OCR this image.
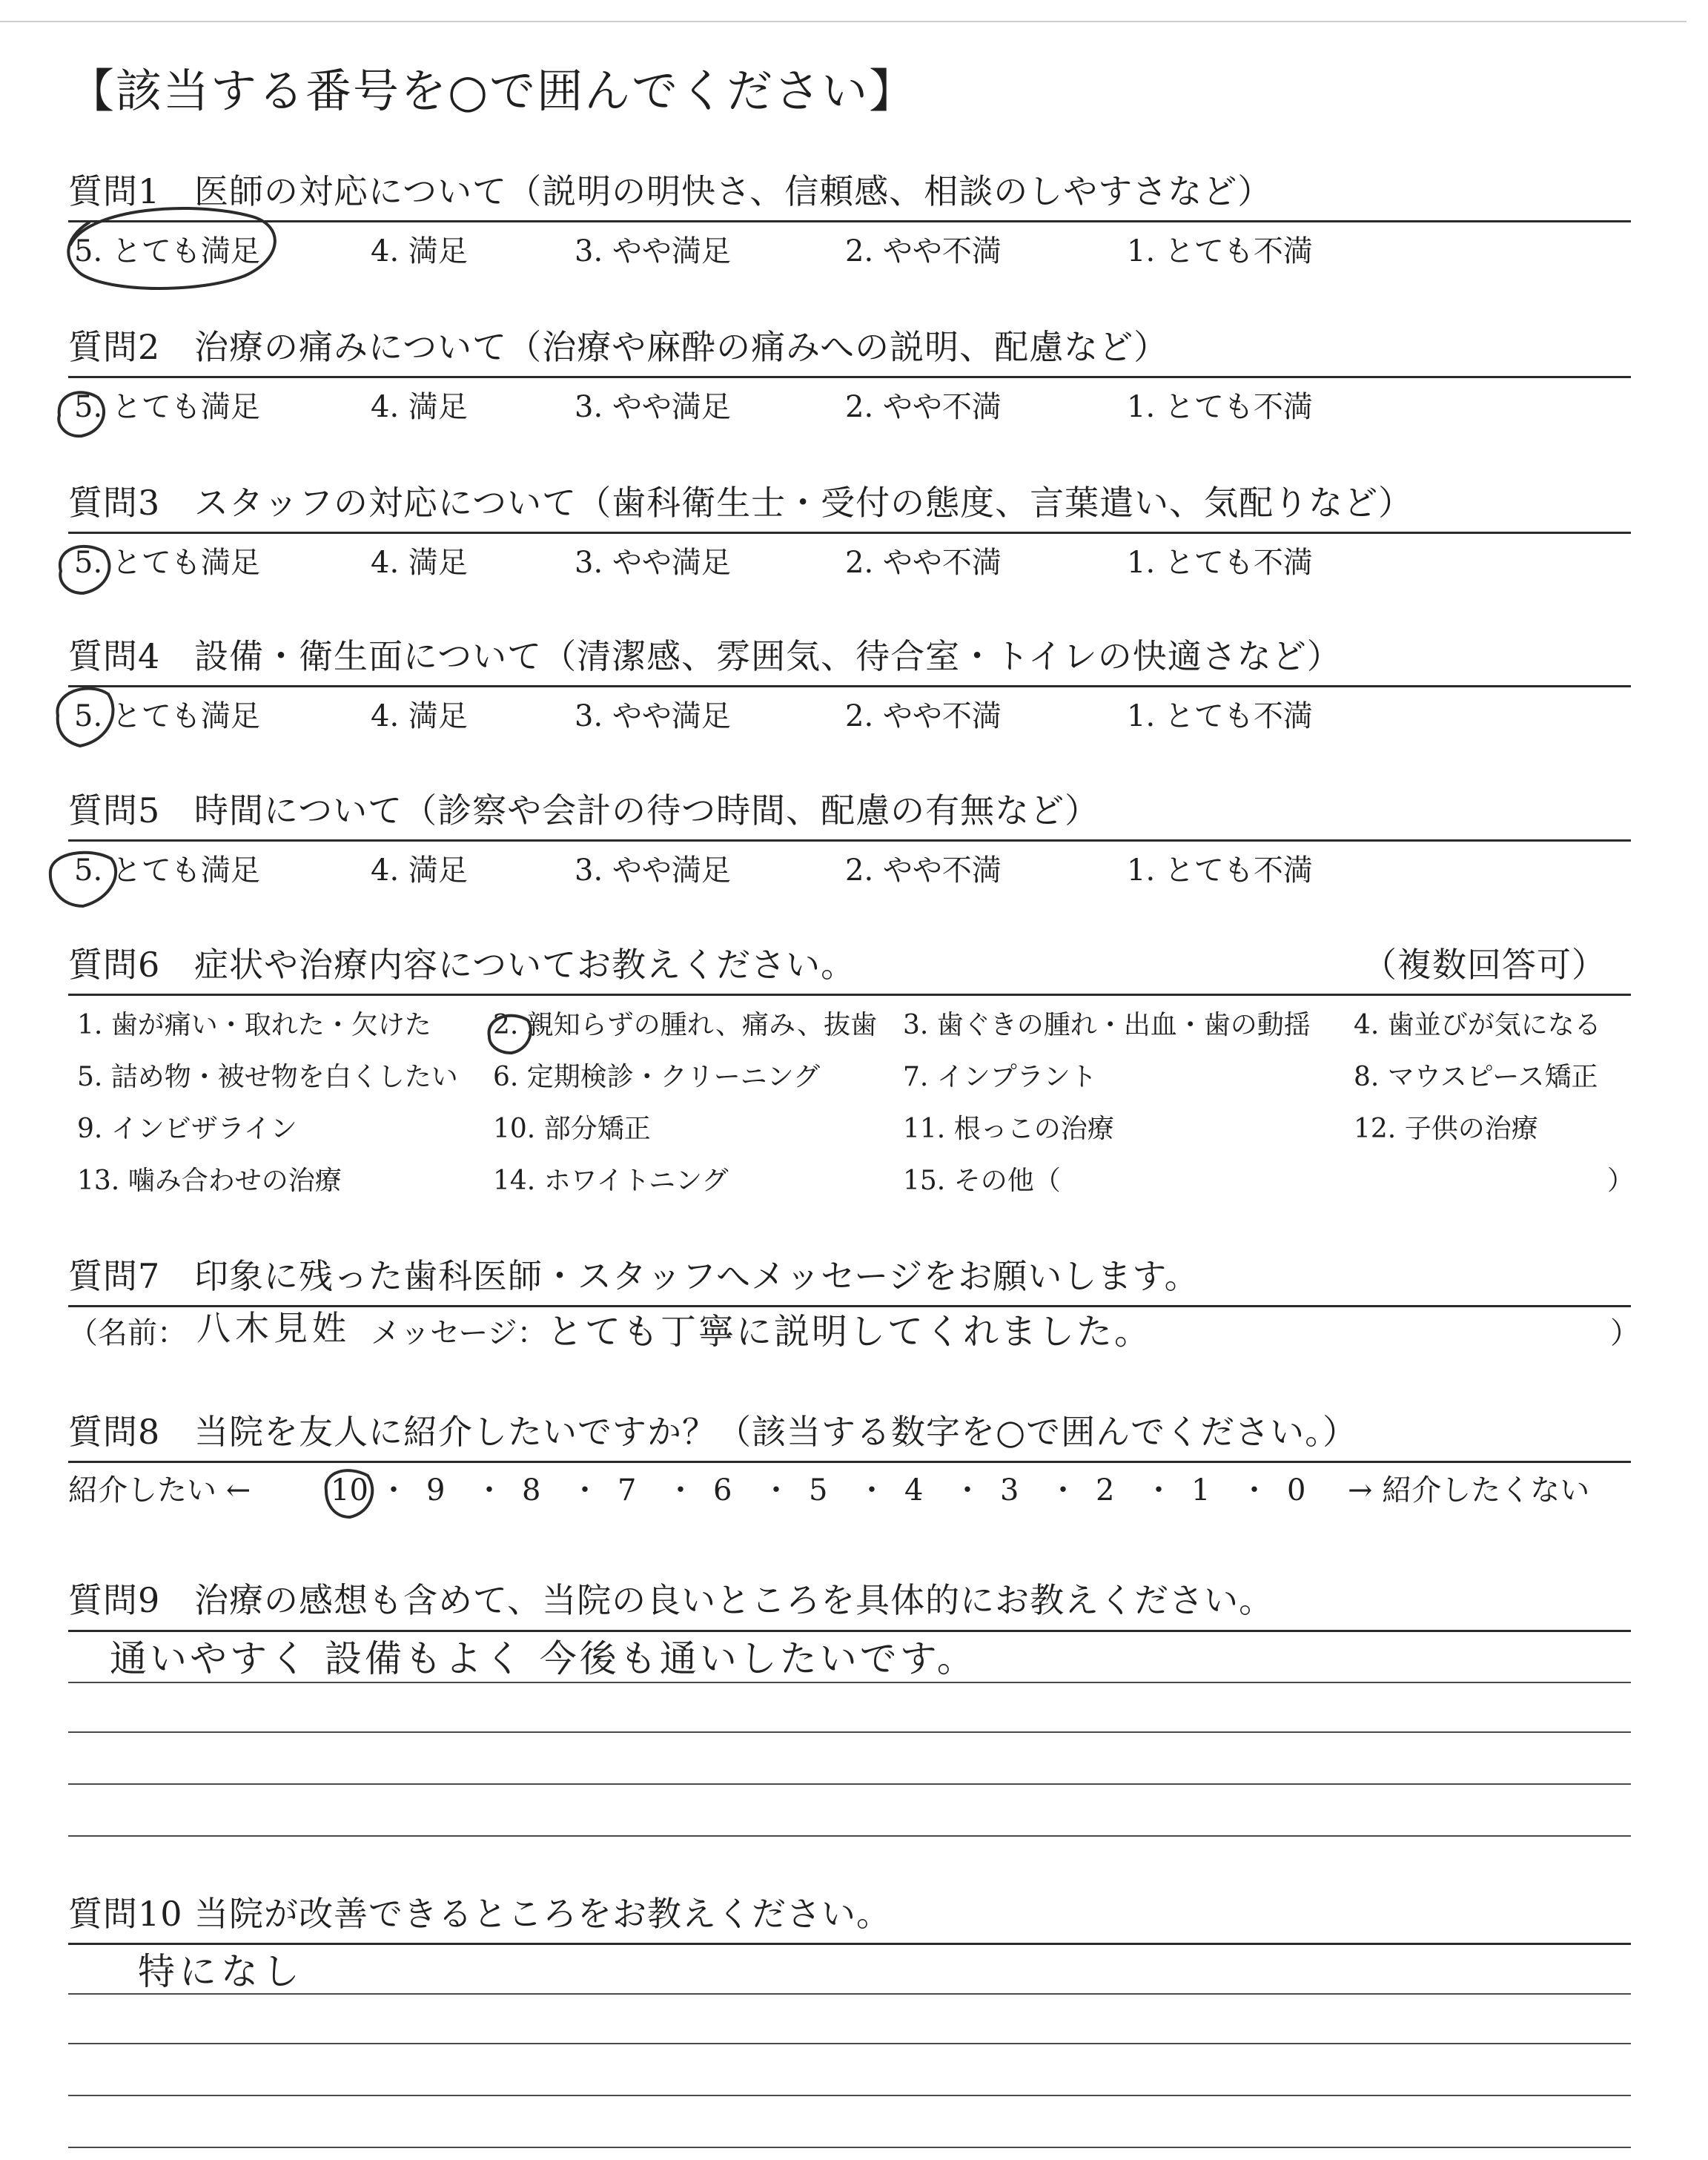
【該当する番号を○で囲んでください】
質問1 医師の対応について（説明の明快さ、信頼感、相談のしやすさなど）
5. とても満足	4. 満足	3. やや満足	2. やや不満	1. とても不満
質問2 治療の痛みについて（治療や麻酔の痛みへの説明、配慮など）
5. とても満足	4. 満足	3. やや満足	2. やや不満	1. とても不満
質問3 スタッフの対応について（歯科衛生士・受付の態度、言葉遣い、気配りなど）
5. とても満足	4. 満足	3. やや満足	2. やや不満	1. とても不満
質問4 設備・衛生面について（清潔感、雰囲気、待合室・トイレの快適さなど）
5. とても満足	4. 満足	3. やや満足	2. やや不満	1. とても不満
質問5 時間について（診察や会計の待つ時間、配慮の有無など）
5. とても満足	4. 満足	3. やや満足	2. やや不満	1. とても不満
質問6 症状や治療内容についてお教えください。	（複数回答可）
1. 歯が痛い・取れた・欠けた 2. 親知らずの腫れ、痛み、抜歯 3. 歯ぐきの腫れ・出血・歯の動揺 4. 歯並びが気になる
5. 詰め物・被せ物を白くしたい 6. 定期検診・クリーニング	7. インプラント	8. マウスピース矯正
9. インビザライン	10. 部分矯正	11. 根っこの治療	12. 子供の治療
13. 噛み合わせの治療	14. ホワイトニング	15. その他（	）
質問7 印象に残った歯科医師・スタッフへメッセージをお願いします。
（名前： 八木見姓 メッセージ： とても丁寧に説明してくれました。	）
質問8 当院を友人に紹介したいですか？（該当する数字を○で囲んでください。）
紹介したい ←	10 ・ 9 ・ 8 ・ 7 ・ 6 ・ 5 ・ 4 ・ 3 ・ 2 ・ 1 ・ 0 → 紹介したくない
質問9 治療の感想も含めて、当院の良いところを具体的にお教えください。
通いやすく 設備もよく 今後も通いしたいです。
質問10 当院が改善できるところをお教えください。
特になし
